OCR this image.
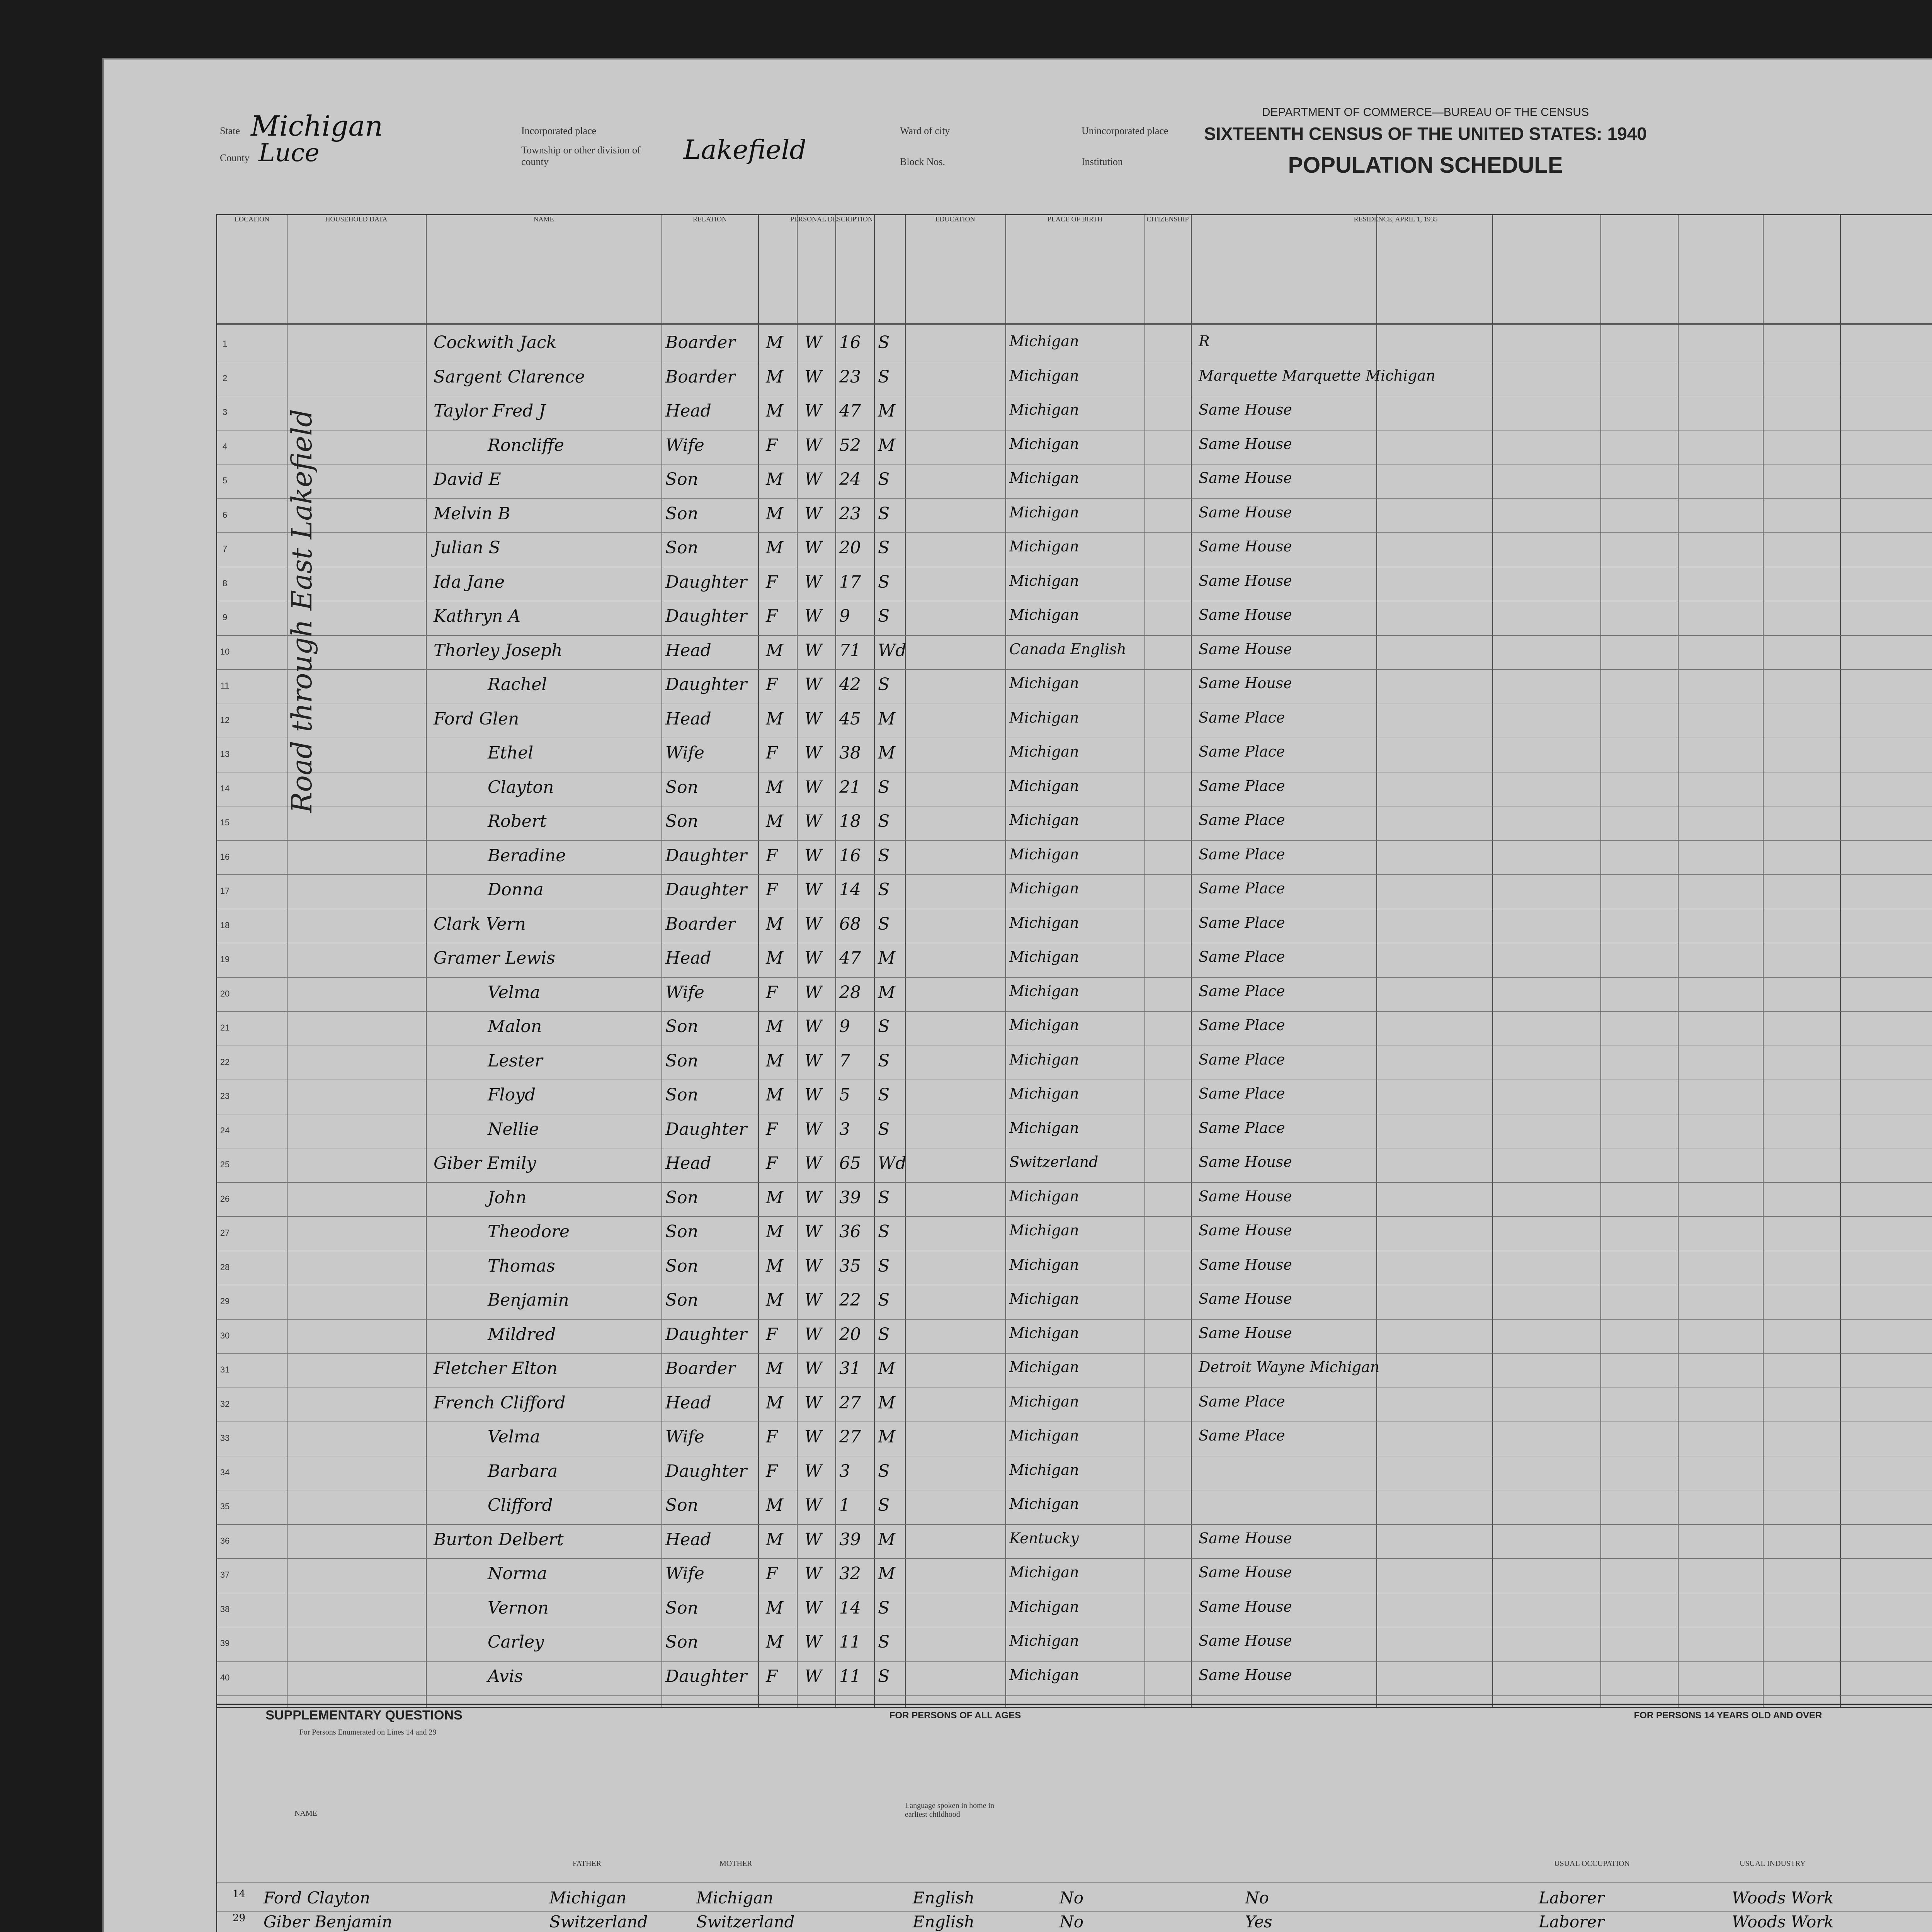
State Michigan
County Luce
Incorporated place
Township or other division of county	Lakefield
Ward of city
Block Nos.
Unincorporated place
Institution
DEPARTMENT OF COMMERCE—BUREAU OF THE CENSUS
SIXTEENTH CENSUS OF THE UNITED STATES: 1940
POPULATION SCHEDULE
LOCATION	HOUSEHOLD DATA	NAME	RELATION	PERSONAL DESCRIPTION	EDUCATION	PLACE OF BIRTH	CITIZENSHIP	RESIDENCE, APRIL 1, 1935
1	Cockwith Jack	Boarder M W 16 S	Michigan	R
2	Sargent Clarence	Boarder M W 23 S	Michigan	Marquette Marquette Michigan
3	Taylor Fred J	Head	M W 47 M	Michigan	Same House
4	Roncliffe	Wife	F W 52 M	Michigan	Same House
5	David E	Son	M W 24 S	Michigan	Same House
6	Melvin B	Son	M W 23 S	Michigan	Same House
7	Julian S	Son	M W 20 S	Michigan	Same House
8	Ida Jane	Daughter F W 17 S	Michigan	Same House
9	Kathryn A	Daughter F W 9 S	Michigan	Same House
10	Thorley Joseph	Head	M W 71 Wd	Canada English	Same House
11	Rachel	Daughter F W 42 S	Michigan	Same House
12	Ford Glen	Head	M W 45 M	Michigan	Same Place
13	Ethel	Wife	F W 38 M	Michigan	Same Place
14	Clayton	Son	M W 21 S	Michigan	Same Place
15	Robert	Son	M W 18 S	Michigan	Same Place
16	Beradine	Daughter F W 16 S	Michigan	Same Place
17	Donna	Daughter F W 14 S	Michigan	Same Place
18	Clark Vern	Boarder M W 68 S	Michigan	Same Place
19	Gramer Lewis	Head	M W 47 M	Michigan	Same Place
20	Velma	Wife	F W 28 M	Michigan	Same Place
21	Malon	Son	M W 9 S	Michigan	Same Place
22	Lester	Son	M W 7 S	Michigan	Same Place
23	Floyd	Son	M W 5 S	Michigan	Same Place
24	Nellie	Daughter F W 3 S	Michigan	Same Place
25	Giber Emily	Head	F W 65 Wd	Switzerland	Same House
26	John	Son	M W 39 S	Michigan	Same House
27	Theodore	Son	M W 36 S	Michigan	Same House
28	Thomas	Son	M W 35 S	Michigan	Same House
29	Benjamin	Son	M W 22 S	Michigan	Same House
30	Mildred	Daughter F W 20 S	Michigan	Same House
31	Fletcher Elton	Boarder M W 31 M	Michigan	Detroit Wayne Michigan
32	French Clifford	Head	M W 27 M	Michigan	Same Place
33	Velma	Wife	F W 27 M	Michigan	Same Place
34	Barbara	Daughter F W 3 S	Michigan
35	Clifford	Son	M W 1 S	Michigan
36	Burton Delbert	Head	M W 39 M	Kentucky	Same House
37	Norma	Wife	F W 32 M	Michigan	Same House
38	Vernon	Son	M W 14 S	Michigan	Same House
39	Carley	Son	M W 11 S	Michigan	Same House
40	Avis	Daughter F W 11 S	Michigan	Same House
Road through East Lakefield
SUPPLEMENTARY QUESTIONS
For Persons Enumerated on Lines 14 and 29
FOR PERSONS OF ALL AGES	FOR PERSONS 14 YEARS OLD AND OVER
NAME
FATHER	MOTHER
Language spoken in home in earliest childhood
USUAL OCCUPATION	USUAL INDUSTRY
14 Ford Clayton	Michigan	Michigan	English	No	No	Laborer	Woods Work
29 Giber Benjamin	Switzerland	Switzerland	English	No	Yes	Laborer	Woods Work
